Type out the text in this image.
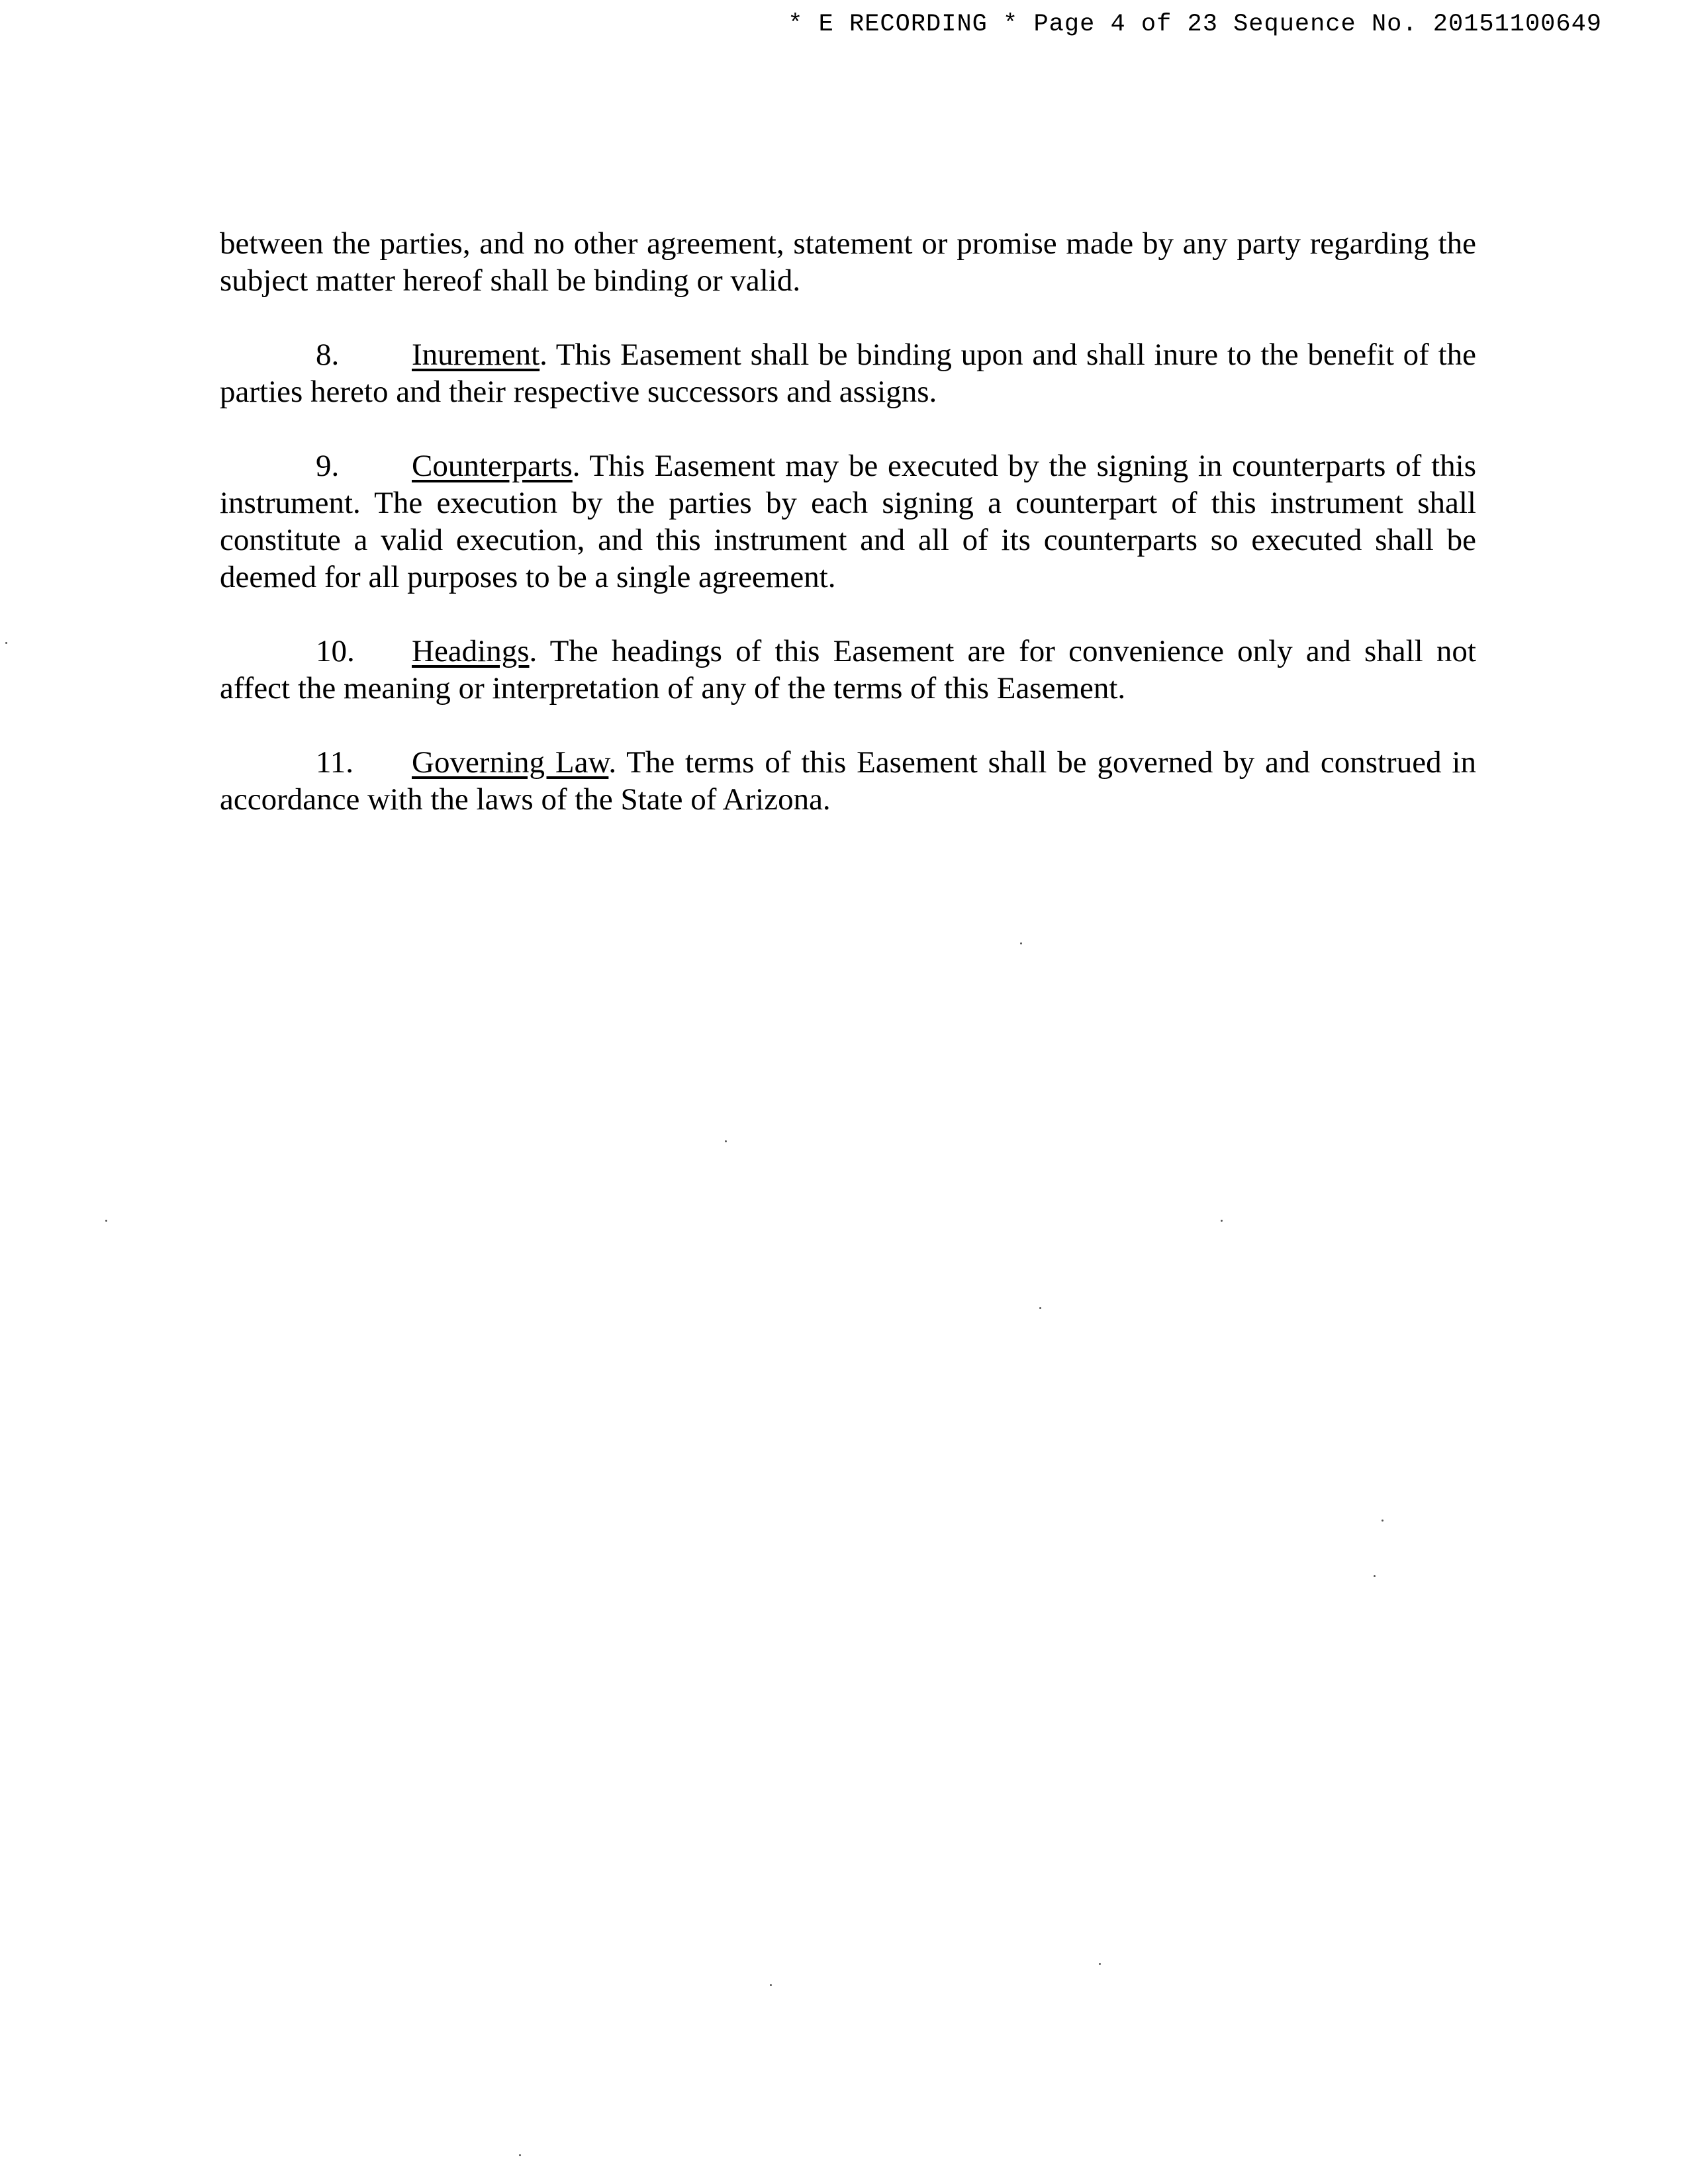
* E RECORDING * Page 4 of 23 Sequence No. 20151100649

between the parties, and no other agreement, statement or promise made by any party regarding the subject matter hereof shall be binding or valid.

8. Inurement. This Easement shall be binding upon and shall inure to the benefit of the parties hereto and their respective successors and assigns.

9. Counterparts. This Easement may be executed by the signing in counterparts of this instrument. The execution by the parties by each signing a counterpart of this instrument shall constitute a valid execution, and this instrument and all of its counterparts so executed shall be deemed for all purposes to be a single agreement.

10. Headings. The headings of this Easement are for convenience only and shall not affect the meaning or interpretation of any of the terms of this Easement.

11. Governing Law. The terms of this Easement shall be governed by and construed in accordance with the laws of the State of Arizona.
